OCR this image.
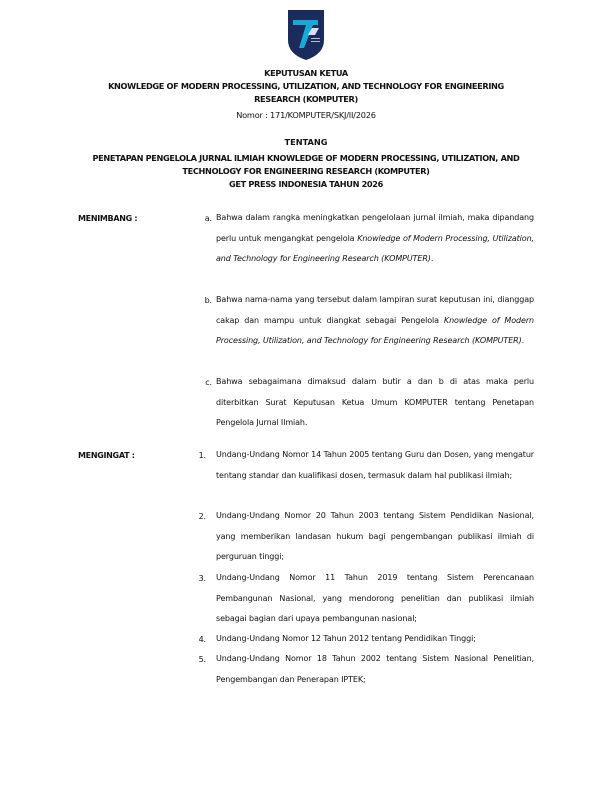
KEPUTUSAN KETUA
KNOWLEDGE OF MODERN PROCESSING, UTILIZATION, AND TECHNOLOGY FOR ENGINEERING
RESEARCH (KOMPUTER)
Nomor : 171/KOMPUTER/SKJ/II/2026
TENTANG
PENETAPAN PENGELOLA JURNAL ILMIAH KNOWLEDGE OF MODERN PROCESSING, UTILIZATION, AND
TECHNOLOGY FOR ENGINEERING RESEARCH (KOMPUTER)
GET PRESS INDONESIA TAHUN 2026
MENIMBANG :	a. Bahwa dalam rangka meningkatkan pengelolaan jurnal ilmiah, maka dipandang perlu untuk mengangkat pengelola Knowledge of Modern Processing, Utilization, and Technology for Engineering Research (KOMPUTER).
b. Bahwa nama-nama yang tersebut dalam lampiran surat keputusan ini, dianggap cakap dan mampu untuk diangkat sebagai Pengelola Knowledge of Modern Processing, Utilization, and Technology for Engineering Research (KOMPUTER).
c. Bahwa sebagaimana dimaksud dalam butir a dan b di atas maka perlu diterbitkan Surat Keputusan Ketua Umum KOMPUTER tentang Penetapan Pengelola Jurnal Ilmiah.
MENGINGAT :	1. Undang-Undang Nomor 14 Tahun 2005 tentang Guru dan Dosen, yang mengatur tentang standar dan kualifikasi dosen, termasuk dalam hal publikasi ilmiah;
2. Undang-Undang Nomor 20 Tahun 2003 tentang Sistem Pendidikan Nasional, yang memberikan landasan hukum bagi pengembangan publikasi ilmiah di perguruan tinggi;
3. Undang-Undang Nomor 11 Tahun 2019 tentang Sistem Perencanaan Pembangunan Nasional, yang mendorong penelitian dan publikasi ilmiah sebagai bagian dari upaya pembangunan nasional;
4. Undang-Undang Nomor 12 Tahun 2012 tentang Pendidikan Tinggi;
5. Undang-Undang Nomor 18 Tahun 2002 tentang Sistem Nasional Penelitian, Pengembangan dan Penerapan IPTEK;
